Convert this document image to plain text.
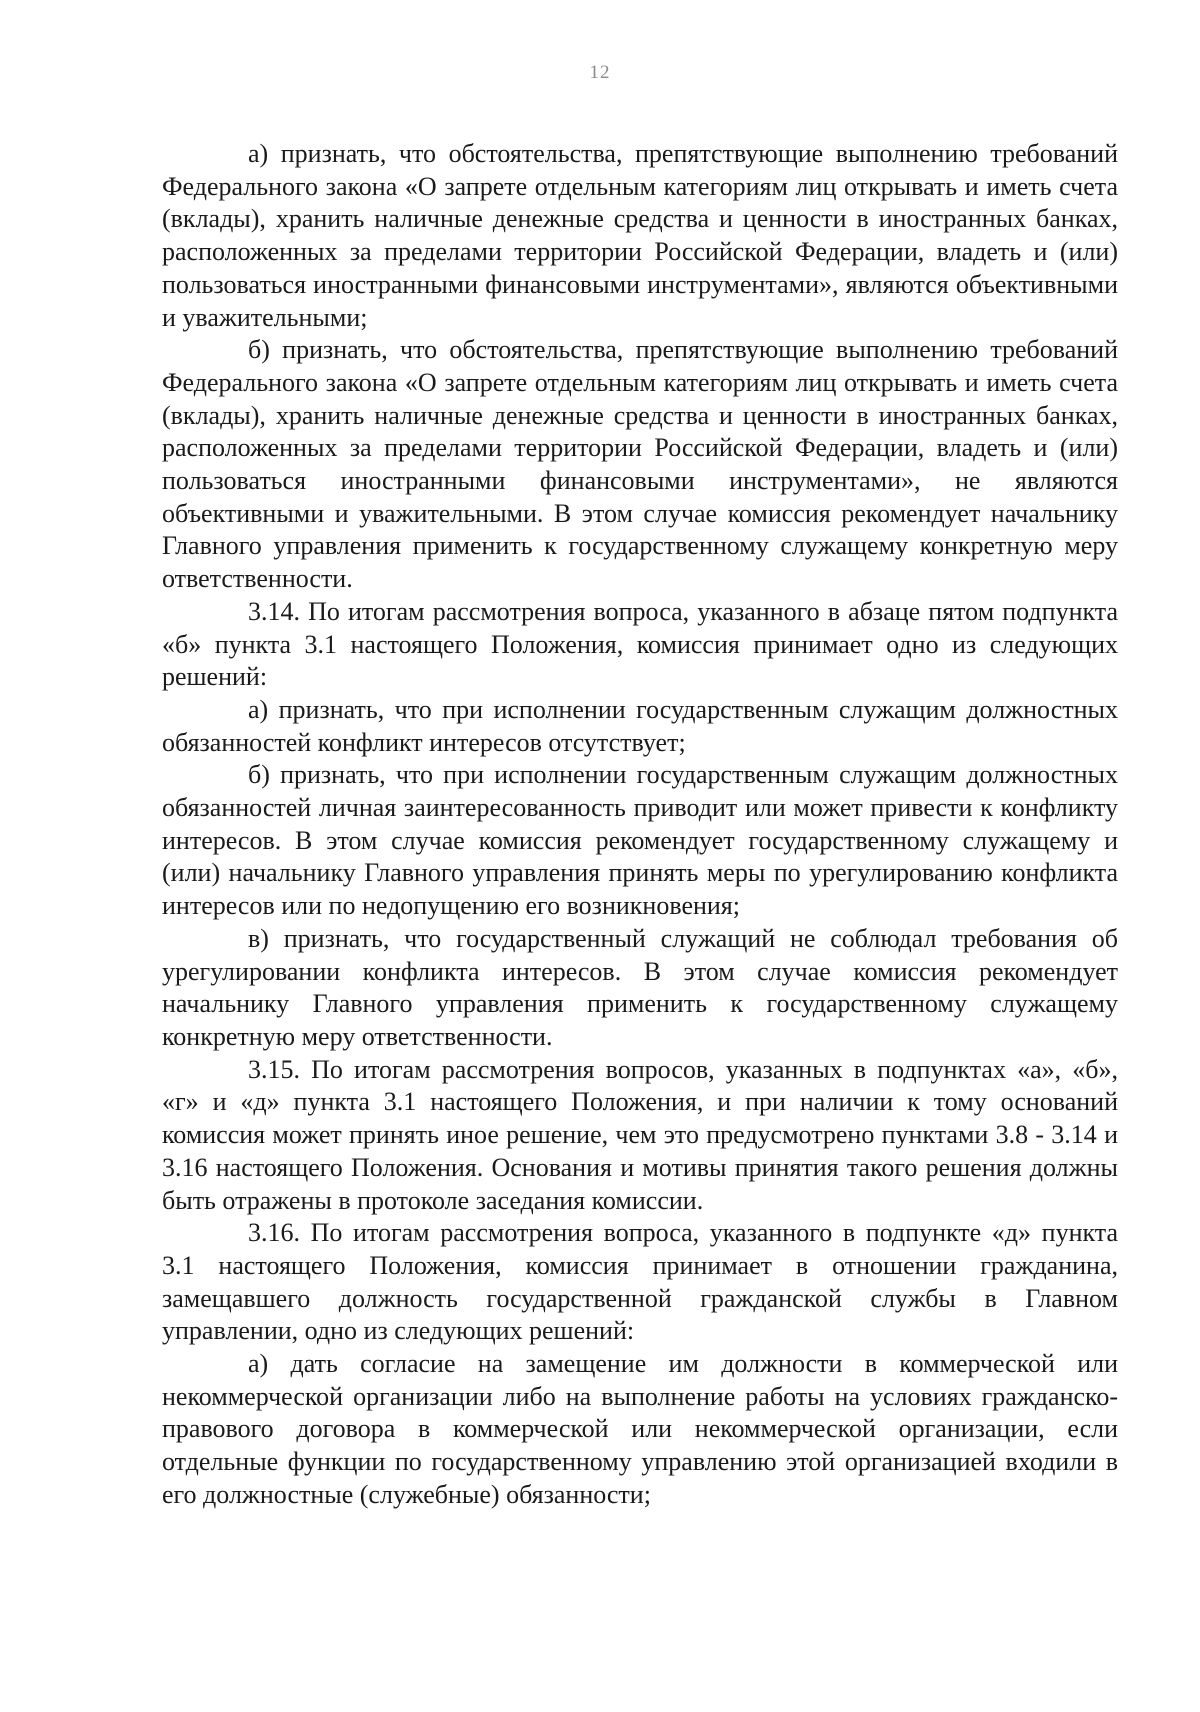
12

а) признать, что обстоятельства, препятствующие выполнению требований Федерального закона «О запрете отдельным категориям лиц открывать и иметь счета (вклады), хранить наличные денежные средства и ценности в иностранных банках, расположенных за пределами территории Российской Федерации, владеть и (или) пользоваться иностранными финансовыми инструментами», являются объективными и уважительными;

б) признать, что обстоятельства, препятствующие выполнению требований Федерального закона «О запрете отдельным категориям лиц открывать и иметь счета (вклады), хранить наличные денежные средства и ценности в иностранных банках, расположенных за пределами территории Российской Федерации, владеть и (или) пользоваться иностранными финансовыми инструментами», не являются объективными и уважительными. В этом случае комиссия рекомендует начальнику Главного управления применить к государственному служащему конкретную меру ответственности.

3.14. По итогам рассмотрения вопроса, указанного в абзаце пятом подпункта «б» пункта 3.1 настоящего Положения, комиссия принимает одно из следующих решений:

а) признать, что при исполнении государственным служащим должностных обязанностей конфликт интересов отсутствует;

б) признать, что при исполнении государственным служащим должностных обязанностей личная заинтересованность приводит или может привести к конфликту интересов. В этом случае комиссия рекомендует государственному служащему и (или) начальнику Главного управления принять меры по урегулированию конфликта интересов или по недопущению его возникновения;

в) признать, что государственный служащий не соблюдал требования об урегулировании конфликта интересов. В этом случае комиссия рекомендует начальнику Главного управления применить к государственному служащему конкретную меру ответственности.

3.15. По итогам рассмотрения вопросов, указанных в подпунктах «а», «б», «г» и «д» пункта 3.1 настоящего Положения, и при наличии к тому оснований комиссия может принять иное решение, чем это предусмотрено пунктами 3.8 - 3.14 и 3.16 настоящего Положения. Основания и мотивы принятия такого решения должны быть отражены в протоколе заседания комиссии.

3.16. По итогам рассмотрения вопроса, указанного в подпункте «д» пункта 3.1 настоящего Положения, комиссия принимает в отношении гражданина, замещавшего должность государственной гражданской службы в Главном управлении, одно из следующих решений:

а) дать согласие на замещение им должности в коммерческой или некоммерческой организации либо на выполнение работы на условиях гражданско-правового договора в коммерческой или некоммерческой организации, если отдельные функции по государственному управлению этой организацией входили в его должностные (служебные) обязанности;
